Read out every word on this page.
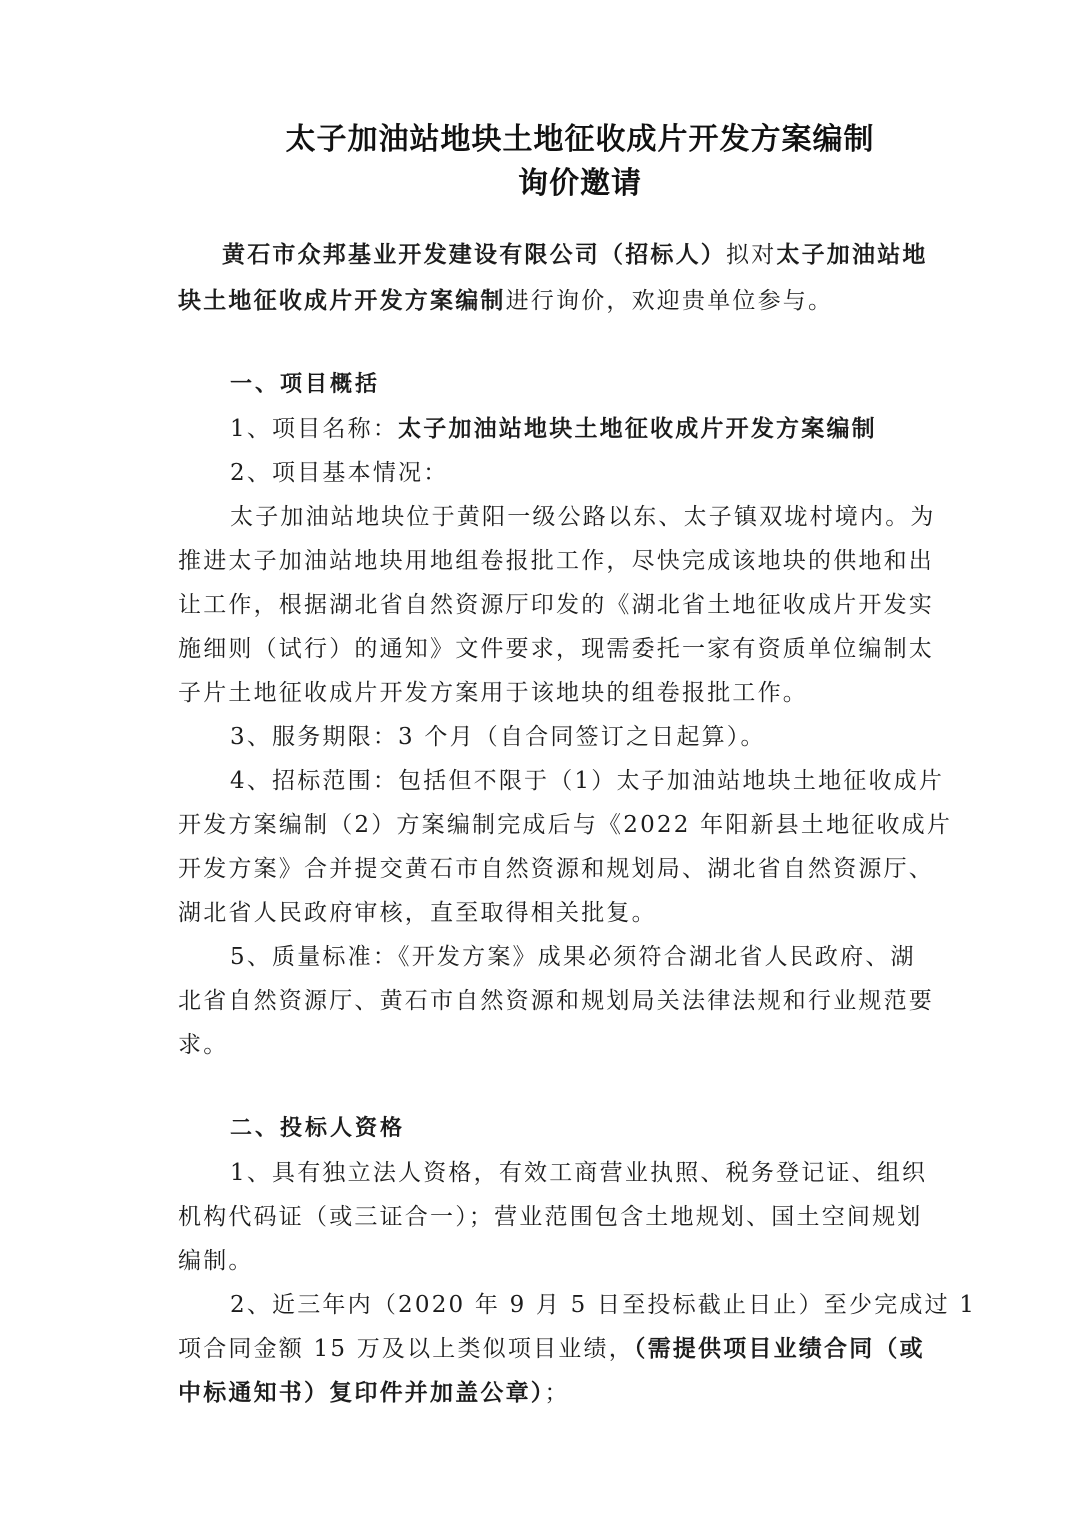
太子加油站地块土地征收成片开发方案编制
询价邀请
黄石市众邦基业开发建设有限公司（招标人）拟对太子加油站地
块土地征收成片开发方案编制进行询价，欢迎贵单位参与。
一、项目概括
1、项目名称：太子加油站地块土地征收成片开发方案编制
2、项目基本情况：
太子加油站地块位于黄阳一级公路以东、太子镇双垅村境内。为
推进太子加油站地块用地组卷报批工作，尽快完成该地块的供地和出
让工作，根据湖北省自然资源厅印发的《湖北省土地征收成片开发实
施细则（试行）的通知》文件要求，现需委托一家有资质单位编制太
子片土地征收成片开发方案用于该地块的组卷报批工作。
3、服务期限：3 个月（自合同签订之日起算）。
4、招标范围：包括但不限于（1）太子加油站地块土地征收成片
开发方案编制（2）方案编制完成后与《2022 年阳新县土地征收成片
开发方案》合并提交黄石市自然资源和规划局、湖北省自然资源厅、
湖北省人民政府审核，直至取得相关批复。
5、质量标准：《开发方案》成果必须符合湖北省人民政府、湖
北省自然资源厅、黄石市自然资源和规划局关法律法规和行业规范要
求。
二、投标人资格
1、具有独立法人资格，有效工商营业执照、税务登记证、组织
机构代码证（或三证合一）；营业范围包含土地规划、国土空间规划
编制。
2、近三年内（2020 年 9 月 5 日至投标截止日止）至少完成过 1
项合同金额 15 万及以上类似项目业绩，（需提供项目业绩合同（或
中标通知书）复印件并加盖公章）；
